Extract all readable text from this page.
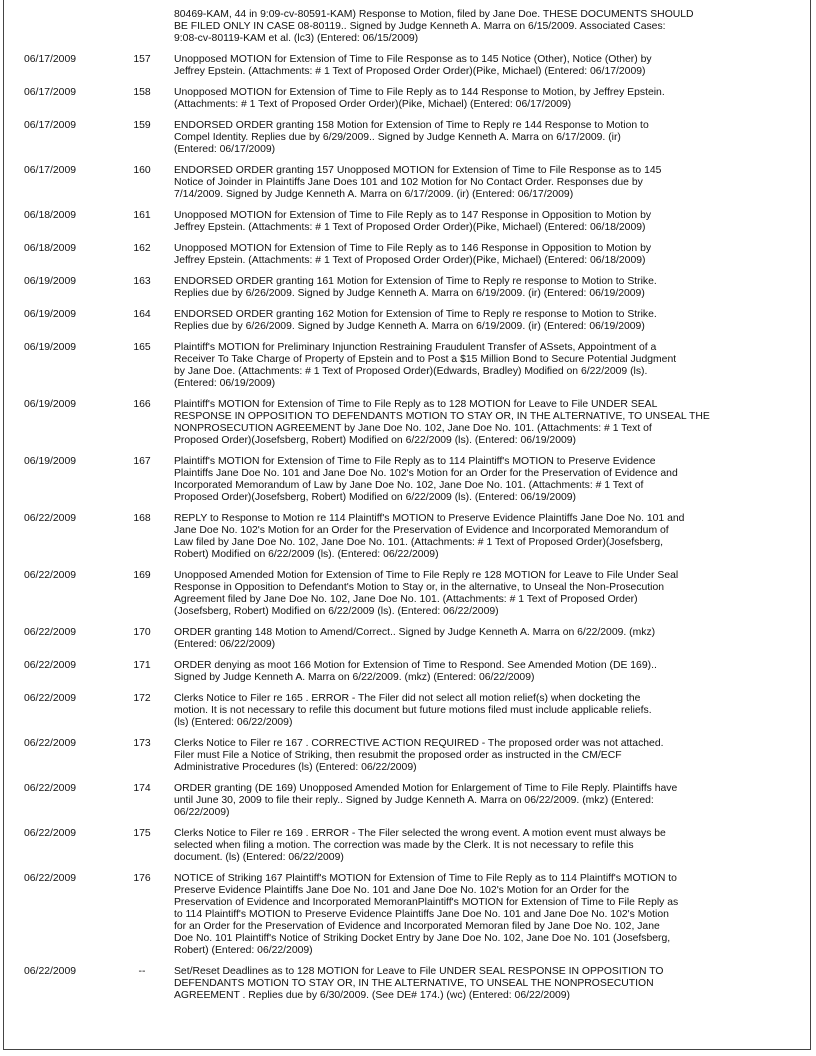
80469-KAM, 44 in 9:09-cv-80591-KAM) Response to Motion, filed by Jane Doe. THESE DOCUMENTS SHOULD
BE FILED ONLY IN CASE 08-80119.. Signed by Judge Kenneth A. Marra on 6/15/2009. Associated Cases:
9:08-cv-80119-KAM et al. (lc3) (Entered: 06/15/2009)
06/17/2009	157	Unopposed MOTION for Extension of Time to File Response as to 145 Notice (Other), Notice (Other) by
Jeffrey Epstein. (Attachments: # 1 Text of Proposed Order Order)(Pike, Michael) (Entered: 06/17/2009)
06/17/2009	158	Unopposed MOTION for Extension of Time to File Reply as to 144 Response to Motion, by Jeffrey Epstein.
(Attachments: # 1 Text of Proposed Order Order)(Pike, Michael) (Entered: 06/17/2009)
06/17/2009	159	ENDORSED ORDER granting 158 Motion for Extension of Time to Reply re 144 Response to Motion to
Compel Identity. Replies due by 6/29/2009.. Signed by Judge Kenneth A. Marra on 6/17/2009. (ir)
(Entered: 06/17/2009)
06/17/2009	160	ENDORSED ORDER granting 157 Unopposed MOTION for Extension of Time to File Response as to 145
Notice of Joinder in Plaintiffs Jane Does 101 and 102 Motion for No Contact Order. Responses due by
7/14/2009. Signed by Judge Kenneth A. Marra on 6/17/2009. (ir) (Entered: 06/17/2009)
06/18/2009	161	Unopposed MOTION for Extension of Time to File Reply as to 147 Response in Opposition to Motion by
Jeffrey Epstein. (Attachments: # 1 Text of Proposed Order Order)(Pike, Michael) (Entered: 06/18/2009)
06/18/2009	162	Unopposed MOTION for Extension of Time to File Reply as to 146 Response in Opposition to Motion by
Jeffrey Epstein. (Attachments: # 1 Text of Proposed Order Order)(Pike, Michael) (Entered: 06/18/2009)
06/19/2009	163	ENDORSED ORDER granting 161 Motion for Extension of Time to Reply re response to Motion to Strike.
Replies due by 6/26/2009. Signed by Judge Kenneth A. Marra on 6/19/2009. (ir) (Entered: 06/19/2009)
06/19/2009	164	ENDORSED ORDER granting 162 Motion for Extension of Time to Reply re response to Motion to Strike.
Replies due by 6/26/2009. Signed by Judge Kenneth A. Marra on 6/19/2009. (ir) (Entered: 06/19/2009)
06/19/2009	165	Plaintiff's MOTION for Preliminary Injunction Restraining Fraudulent Transfer of ASsets, Appointment of a
Receiver To Take Charge of Property of Epstein and to Post a $15 Million Bond to Secure Potential Judgment
by Jane Doe. (Attachments: # 1 Text of Proposed Order)(Edwards, Bradley) Modified on 6/22/2009 (ls).
(Entered: 06/19/2009)
06/19/2009	166	Plaintiff's MOTION for Extension of Time to File Reply as to 128 MOTION for Leave to File UNDER SEAL
RESPONSE IN OPPOSITION TO DEFENDANTS MOTION TO STAY OR, IN THE ALTERNATIVE, TO UNSEAL THE
NONPROSECUTION AGREEMENT by Jane Doe No. 102, Jane Doe No. 101. (Attachments: # 1 Text of
Proposed Order)(Josefsberg, Robert) Modified on 6/22/2009 (ls). (Entered: 06/19/2009)
06/19/2009	167	Plaintiff's MOTION for Extension of Time to File Reply as to 114 Plaintiff's MOTION to Preserve Evidence
Plaintiffs Jane Doe No. 101 and Jane Doe No. 102's Motion for an Order for the Preservation of Evidence and
Incorporated Memorandum of Law by Jane Doe No. 102, Jane Doe No. 101. (Attachments: # 1 Text of
Proposed Order)(Josefsberg, Robert) Modified on 6/22/2009 (ls). (Entered: 06/19/2009)
06/22/2009	168	REPLY to Response to Motion re 114 Plaintiff's MOTION to Preserve Evidence Plaintiffs Jane Doe No. 101 and
Jane Doe No. 102's Motion for an Order for the Preservation of Evidence and Incorporated Memorandum of
Law filed by Jane Doe No. 102, Jane Doe No. 101. (Attachments: # 1 Text of Proposed Order)(Josefsberg,
Robert) Modified on 6/22/2009 (ls). (Entered: 06/22/2009)
06/22/2009	169	Unopposed Amended Motion for Extension of Time to File Reply re 128 MOTION for Leave to File Under Seal
Response in Opposition to Defendant's Motion to Stay or, in the alternative, to Unseal the Non-Prosecution
Agreement filed by Jane Doe No. 102, Jane Doe No. 101. (Attachments: # 1 Text of Proposed Order)
(Josefsberg, Robert) Modified on 6/22/2009 (ls). (Entered: 06/22/2009)
06/22/2009	170	ORDER granting 148 Motion to Amend/Correct.. Signed by Judge Kenneth A. Marra on 6/22/2009. (mkz)
(Entered: 06/22/2009)
06/22/2009	171	ORDER denying as moot 166 Motion for Extension of Time to Respond. See Amended Motion (DE 169)..
Signed by Judge Kenneth A. Marra on 6/22/2009. (mkz) (Entered: 06/22/2009)
06/22/2009	172	Clerks Notice to Filer re 165 . ERROR - The Filer did not select all motion relief(s) when docketing the
motion. It is not necessary to refile this document but future motions filed must include applicable reliefs.
(ls) (Entered: 06/22/2009)
06/22/2009	173	Clerks Notice to Filer re 167 . CORRECTIVE ACTION REQUIRED - The proposed order was not attached.
Filer must File a Notice of Striking, then resubmit the proposed order as instructed in the CM/ECF
Administrative Procedures (ls) (Entered: 06/22/2009)
06/22/2009	174	ORDER granting (DE 169) Unopposed Amended Motion for Enlargement of Time to File Reply. Plaintiffs have
until June 30, 2009 to file their reply.. Signed by Judge Kenneth A. Marra on 06/22/2009. (mkz) (Entered:
06/22/2009)
06/22/2009	175	Clerks Notice to Filer re 169 . ERROR - The Filer selected the wrong event. A motion event must always be
selected when filing a motion. The correction was made by the Clerk. It is not necessary to refile this
document. (ls) (Entered: 06/22/2009)
06/22/2009	176	NOTICE of Striking 167 Plaintiff's MOTION for Extension of Time to File Reply as to 114 Plaintiff's MOTION to
Preserve Evidence Plaintiffs Jane Doe No. 101 and Jane Doe No. 102's Motion for an Order for the
Preservation of Evidence and Incorporated MemoranPlaintiff's MOTION for Extension of Time to File Reply as
to 114 Plaintiff's MOTION to Preserve Evidence Plaintiffs Jane Doe No. 101 and Jane Doe No. 102's Motion
for an Order for the Preservation of Evidence and Incorporated Memoran filed by Jane Doe No. 102, Jane
Doe No. 101 Plaintiff's Notice of Striking Docket Entry by Jane Doe No. 102, Jane Doe No. 101 (Josefsberg,
Robert) (Entered: 06/22/2009)
06/22/2009	--	Set/Reset Deadlines as to 128 MOTION for Leave to File UNDER SEAL RESPONSE IN OPPOSITION TO
DEFENDANTS MOTION TO STAY OR, IN THE ALTERNATIVE, TO UNSEAL THE NONPROSECUTION
AGREEMENT . Replies due by 6/30/2009. (See DE# 174.) (wc) (Entered: 06/22/2009)
